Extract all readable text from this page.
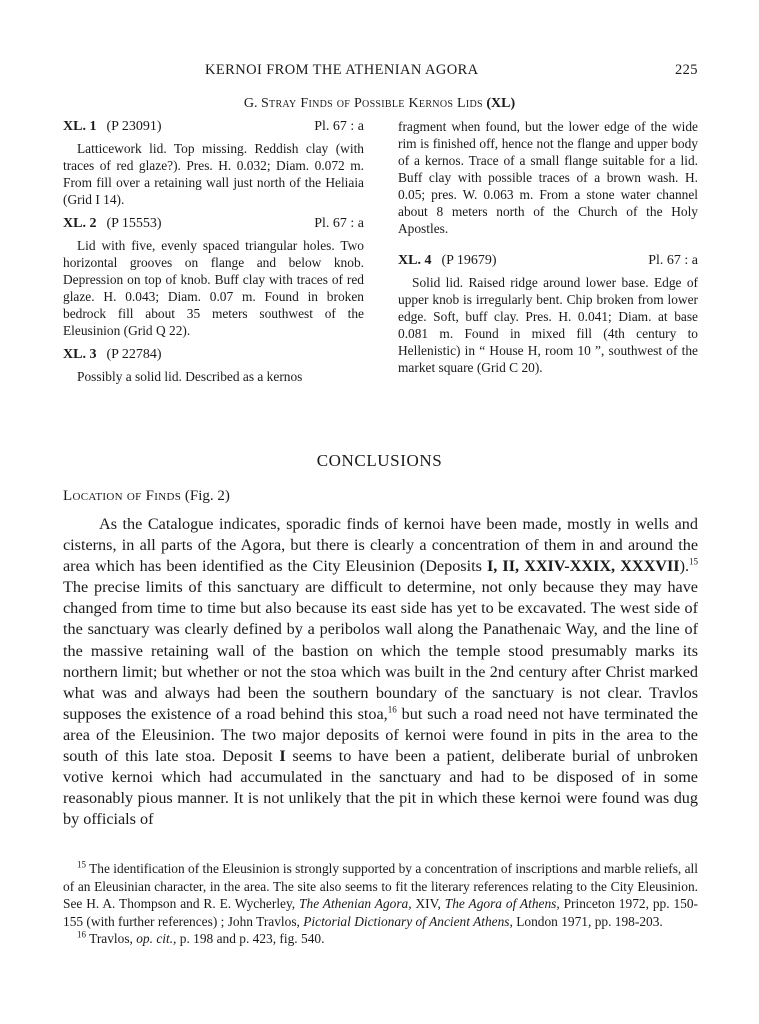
KERNOI FROM THE ATHENIAN AGORA	225
G. Stray Finds of Possible Kernos Lids (XL)
XL. 1 (P 23091)	Pl. 67 : a

Latticework lid. Top missing. Reddish clay (with traces of red glaze?). Pres. H. 0.032; Diam. 0.072 m. From fill over a retaining wall just north of the Heliaia (Grid I 14).

XL. 2 (P 15553)	Pl. 67 : a

Lid with five, evenly spaced triangular holes. Two horizontal grooves on flange and below knob. Depression on top of knob. Buff clay with traces of red glaze. H. 0.043; Diam. 0.07 m. Found in broken bedrock fill about 35 meters southwest of the Eleusinion (Grid Q 22).

XL. 3 (P 22784)

Possibly a solid lid. Described as a kernos

fragment when found, but the lower edge of the wide rim is finished off, hence not the flange and upper body of a kernos. Trace of a small flange suitable for a lid. Buff clay with possible traces of a brown wash. H. 0.05; pres. W. 0.063 m. From a stone water channel about 8 meters north of the Church of the Holy Apostles.

XL. 4 (P 19679)	Pl. 67 : a

Solid lid. Raised ridge around lower base. Edge of upper knob is irregularly bent. Chip broken from lower edge. Soft, buff clay. Pres. H. 0.041; Diam. at base 0.081 m. Found in mixed fill (4th century to Hellenistic) in “ House H, room 10 ”, southwest of the market square (Grid C 20).

CONCLUSIONS
Location of Finds (Fig. 2)

As the Catalogue indicates, sporadic finds of kernoi have been made, mostly in wells and cisterns, in all parts of the Agora, but there is clearly a concentration of them in and around the area which has been identified as the City Eleusinion (Deposits I, II, XXIV-XXIX, XXXVII).$^{15}$ The precise limits of this sanctuary are difficult to determine, not only because they may have changed from time to time but also because its east side has yet to be excavated. The west side of the sanctuary was clearly defined by a peribolos wall along the Panathenaic Way, and the line of the massive retaining wall of the bastion on which the temple stood presumably marks its northern limit; but whether or not the stoa which was built in the 2nd century after Christ marked what was and always had been the southern boundary of the sanctuary is not clear. Travlos supposes the existence of a road behind this stoa,$^{16}$ but such a road need not have terminated the area of the Eleusinion. The two major deposits of kernoi were found in pits in the area to the south of this late stoa. Deposit I seems to have been a patient, deliberate burial of unbroken votive kernoi which had accumulated in the sanctuary and had to be disposed of in some reasonably pious manner. It is not unlikely that the pit in which these kernoi were found was dug by officials of

$^{15}$ The identification of the Eleusinion is strongly supported by a concentration of inscriptions and marble reliefs, all of an Eleusinian character, in the area. The site also seems to fit the literary references relating to the City Eleusinion. See H. A. Thompson and R. E. Wycherley, The Athenian Agora, XIV, The Agora of Athens, Princeton 1972, pp. 150-155 (with further references) ; John Travlos, Pictorial Dictionary of Ancient Athens, London 1971, pp. 198-203.

$^{16}$ Travlos, op. cit., p. 198 and p. 423, fig. 540.
